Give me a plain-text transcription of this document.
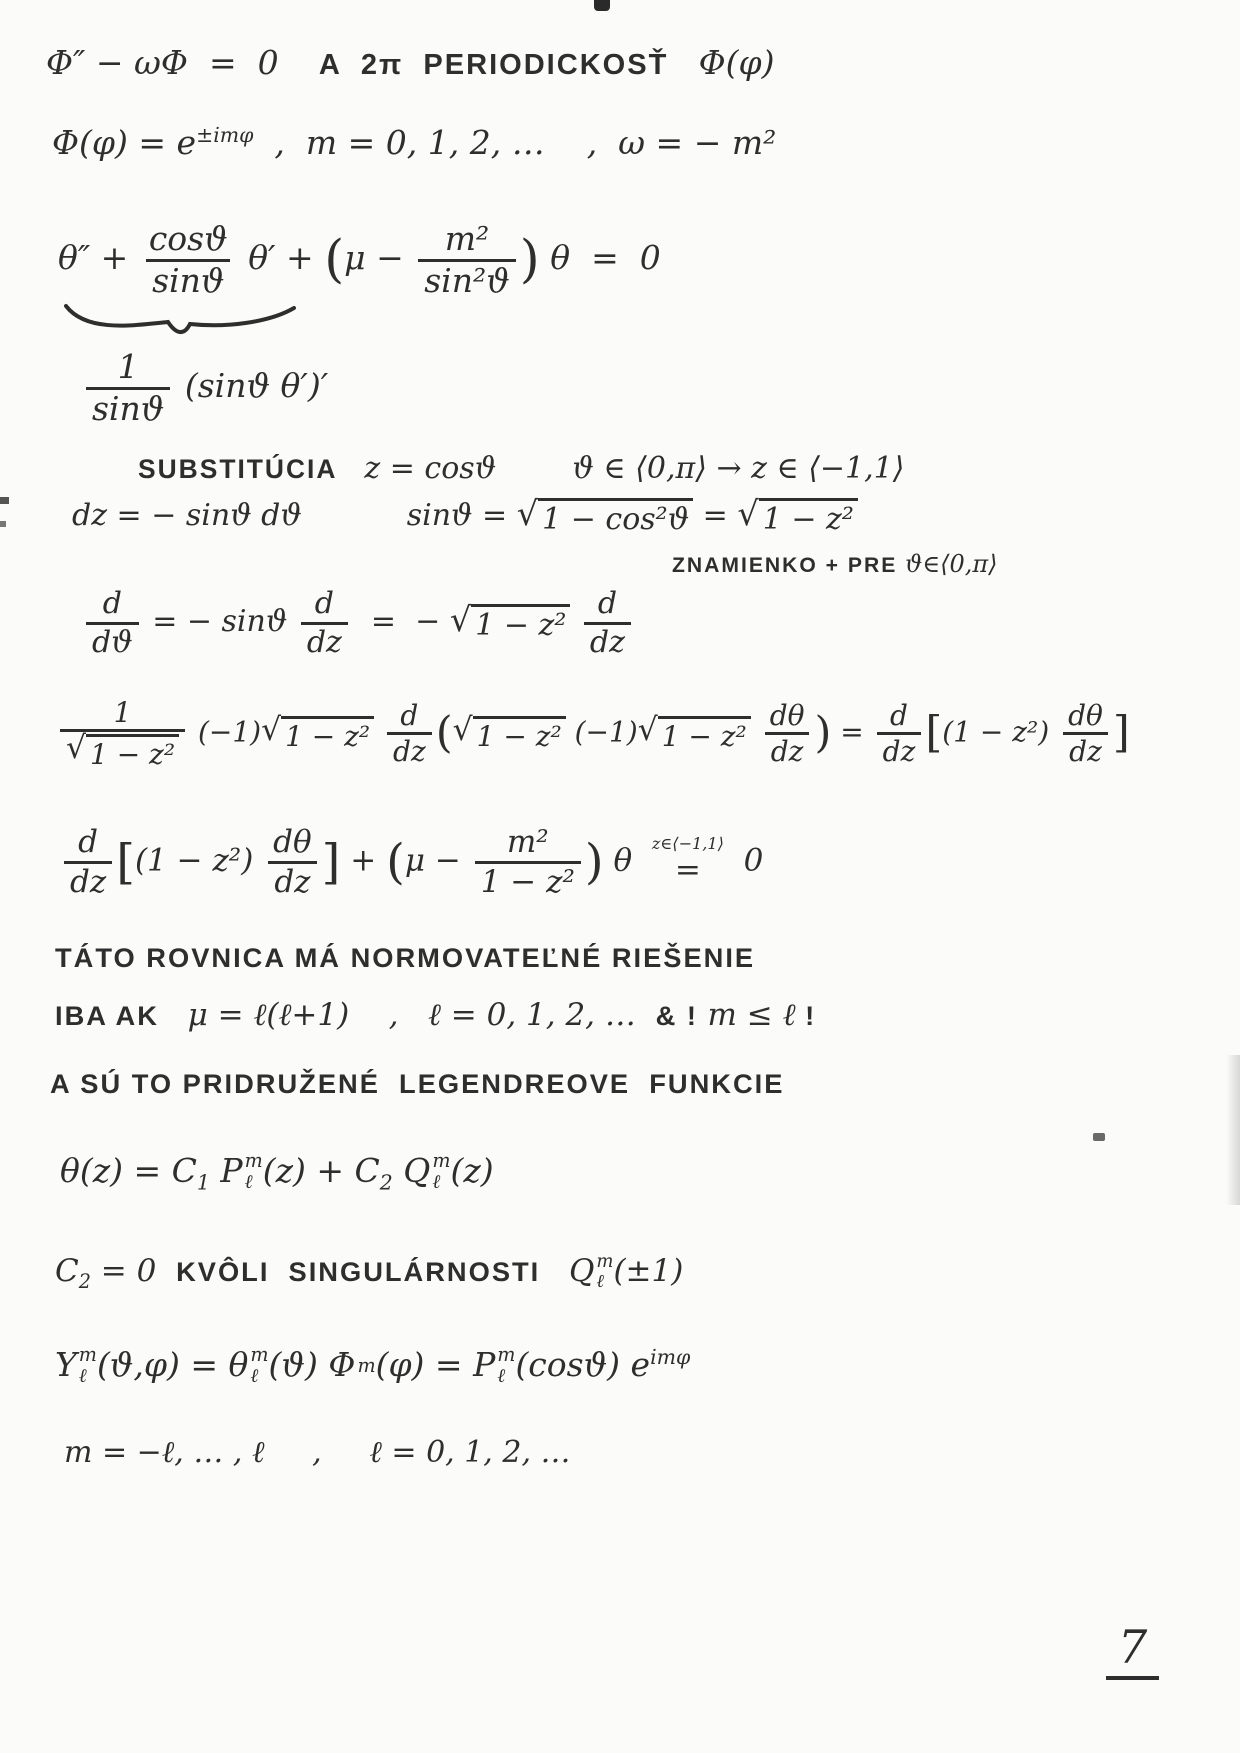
Φ″ − ωΦ  =  0    A  2π  PERIODICKOSŤ   Φ(φ)
$\Phi(\varphi) = e^{\pm im\varphi}$  ,  m = 0, 1, 2, …    ,  ω = − m²
$\theta'' + \frac{\cos ϑ}{\sin ϑ} \theta' + (\mu - \frac{\text{m²}}{\text{sin²ϑ}}$ ) θ  =  0
$\frac{1}{\sin ϑ} (\sin ϑ$ θ′)′
SUBSTITÚCIA   z = cosϑ        ϑ ∈ ⟨0,π⟩ → z ∈ ⟨−1,1⟩
dz = − sinϑ dϑ           sinϑ = √ 1 − cos²ϑ = √ 1 − z²
ZNAMIENKO + PRE ϑ∈⟨0,π⟩
$\frac{d}{dϑ}$ = − sinϑ $\frac{d}{dz}$ =  − √ 1 − z²
$\frac{d}{dz}$
$\frac{1}{\text{√ 1 − z²}} (-1)$ √ 1 − z²
$\frac{d}{dz}$ ( √ 1 − z² (−1) √ 1 − z²
$\frac{d\theta}{dz}$ ) = $\frac{d}{dz} [(1 - z^2) \frac{d\theta}{dz}$ ]
$\frac{d}{dz} [(1 - z^2) \frac{d\theta}{dz}$ ] + ($\mu - \frac{\text{m²}}{\text{1 − z²}}$ ) θ z∈⟨−1,1⟩
= 0
TÁTO ROVNICA MÁ NORMOVATEĽNÉ RIEŠENIE
IBA AK   μ = ℓ(ℓ+1)    ,   ℓ = 0, 1, 2, …  & ! m ≤ ℓ !
A SÚ TO PRIDRUŽENÉ  LEGENDREOVE  FUNKCIE
$\theta(z) = C_1$ P m
ℓ $(z) + C_2$ Q m
ℓ (z)
$C_2 = 0$  KVÔLI  SINGULÁRNOSTI Q m
ℓ (±1)
Y m
ℓ (ϑ,φ) = θ m
ℓ (ϑ) Φ m (φ) = P m
ℓ (cosϑ) $e^{im\varphi}$
m = −ℓ, … , ℓ     ,     ℓ = 0, 1, 2, …
7
